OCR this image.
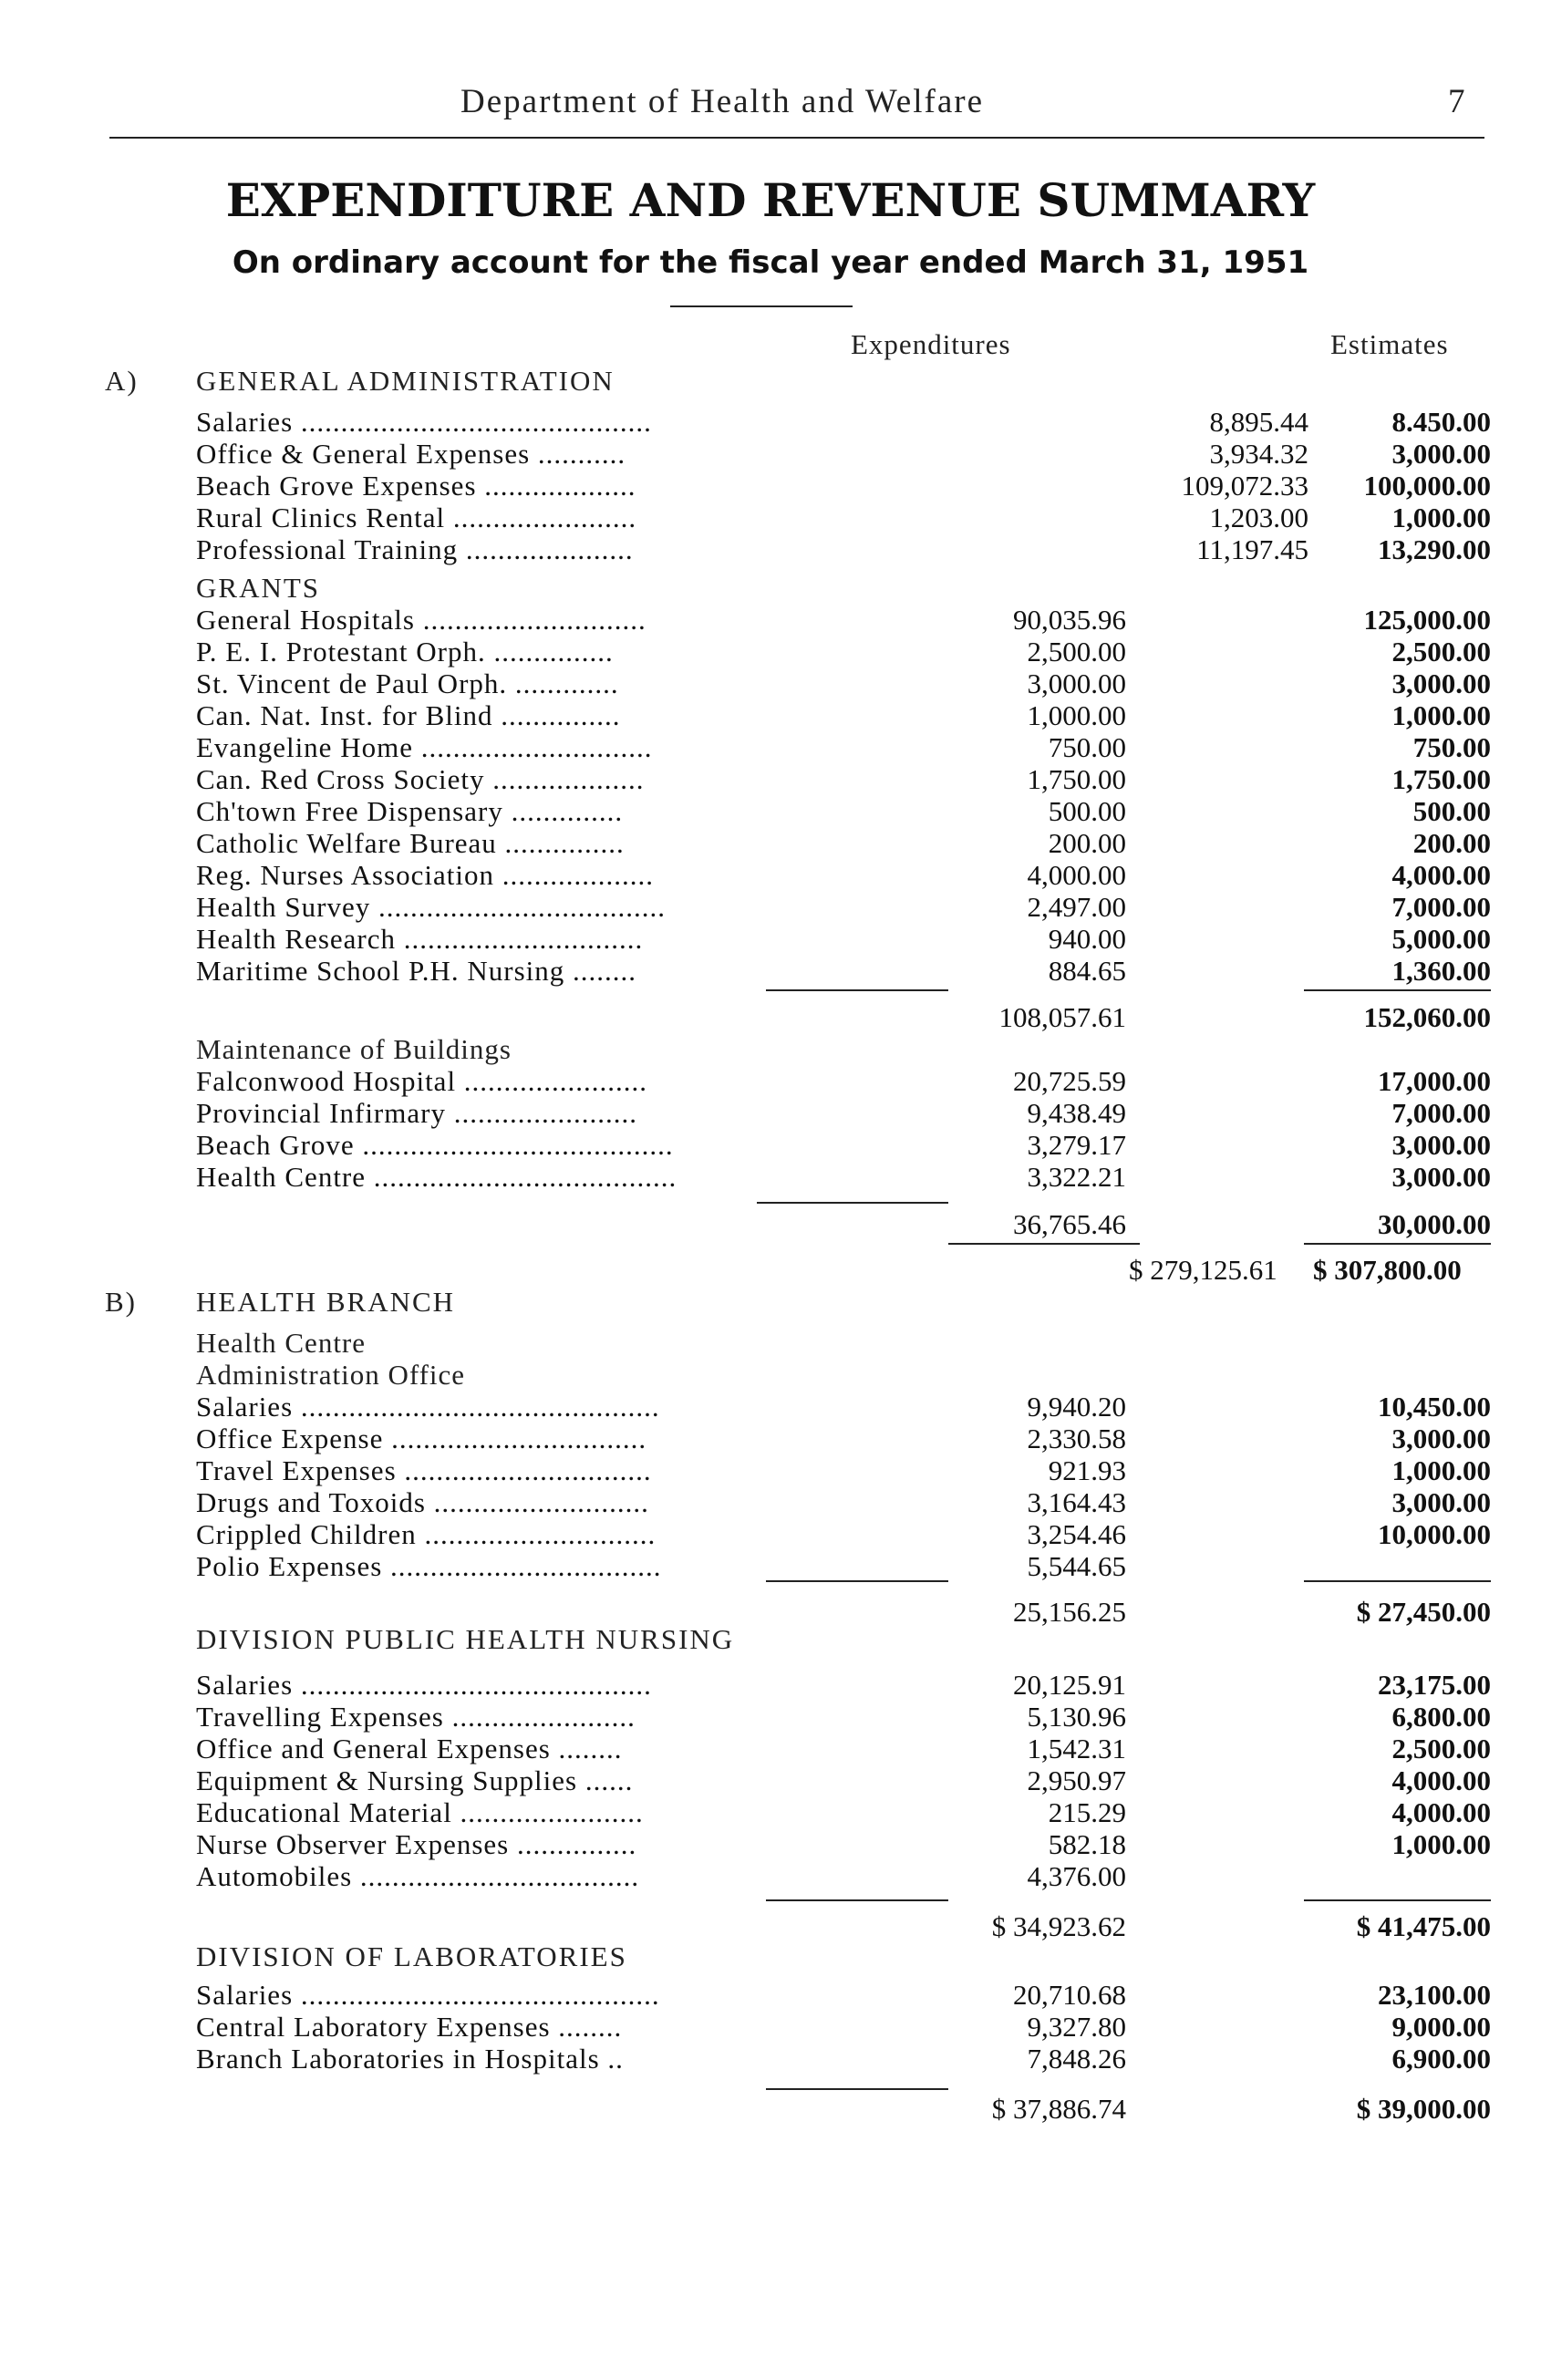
Department of Health and Welfare	7
EXPENDITURE AND REVENUE SUMMARY
On ordinary account for the fiscal year ended March 31, 1951
Expenditures	Estimates
A) GENERAL ADMINISTRATION
Salaries ............................................	8,895.44	8.450.00
Office & General Expenses ...........	3,934.32	3,000.00
Beach Grove Expenses ...................	109,072.33	100,000.00
Rural Clinics Rental .......................	1,203.00	1,000.00
Professional Training .....................	11,197.45	13,290.00
GRANTS
General Hospitals ............................	90,035.96	125,000.00
P. E. I. Protestant Orph. ...............	2,500.00	2,500.00
St. Vincent de Paul Orph. .............	3,000.00	3,000.00
Can. Nat. Inst. for Blind ...............	1,000.00	1,000.00
Evangeline Home .............................	750.00	750.00
Can. Red Cross Society ...................	1,750.00	1,750.00
Ch'town Free Dispensary ..............	500.00	500.00
Catholic Welfare Bureau ...............	200.00	200.00
Reg. Nurses Association ...................	4,000.00	4,000.00
Health Survey ....................................	2,497.00	7,000.00
Health Research ..............................	940.00	5,000.00
Maritime School P.H. Nursing ........	884.65	1,360.00
108,057.61	152,060.00
Maintenance of Buildings
Falconwood Hospital .......................	20,725.59	17,000.00
Provincial Infirmary .......................	9,438.49	7,000.00
Beach Grove .......................................	3,279.17	3,000.00
Health Centre ......................................	3,322.21	3,000.00
36,765.46	30,000.00
$ 279,125.61 $ 307,800.00
B) HEALTH BRANCH
Health Centre
Administration Office
Salaries .............................................	9,940.20	10,450.00
Office Expense ................................	2,330.58	3,000.00
Travel Expenses ...............................	921.93	1,000.00
Drugs and Toxoids ...........................	3,164.43	3,000.00
Crippled Children .............................	3,254.46	10,000.00
Polio Expenses ..................................	5,544.65
25,156.25	$ 27,450.00
DIVISION PUBLIC HEALTH NURSING
Salaries ............................................	20,125.91	23,175.00
Travelling Expenses .......................	5,130.96	6,800.00
Office and General Expenses ........	1,542.31	2,500.00
Equipment & Nursing Supplies ......	2,950.97	4,000.00
Educational Material .......................	215.29	4,000.00
Nurse Observer Expenses ...............	582.18	1,000.00
Automobiles ...................................	4,376.00
$ 34,923.62	$ 41,475.00
DIVISION OF LABORATORIES
Salaries .............................................	20,710.68	23,100.00
Central Laboratory Expenses ........	9,327.80	9,000.00
Branch Laboratories in Hospitals ..	7,848.26	6,900.00
$ 37,886.74	$ 39,000.00
